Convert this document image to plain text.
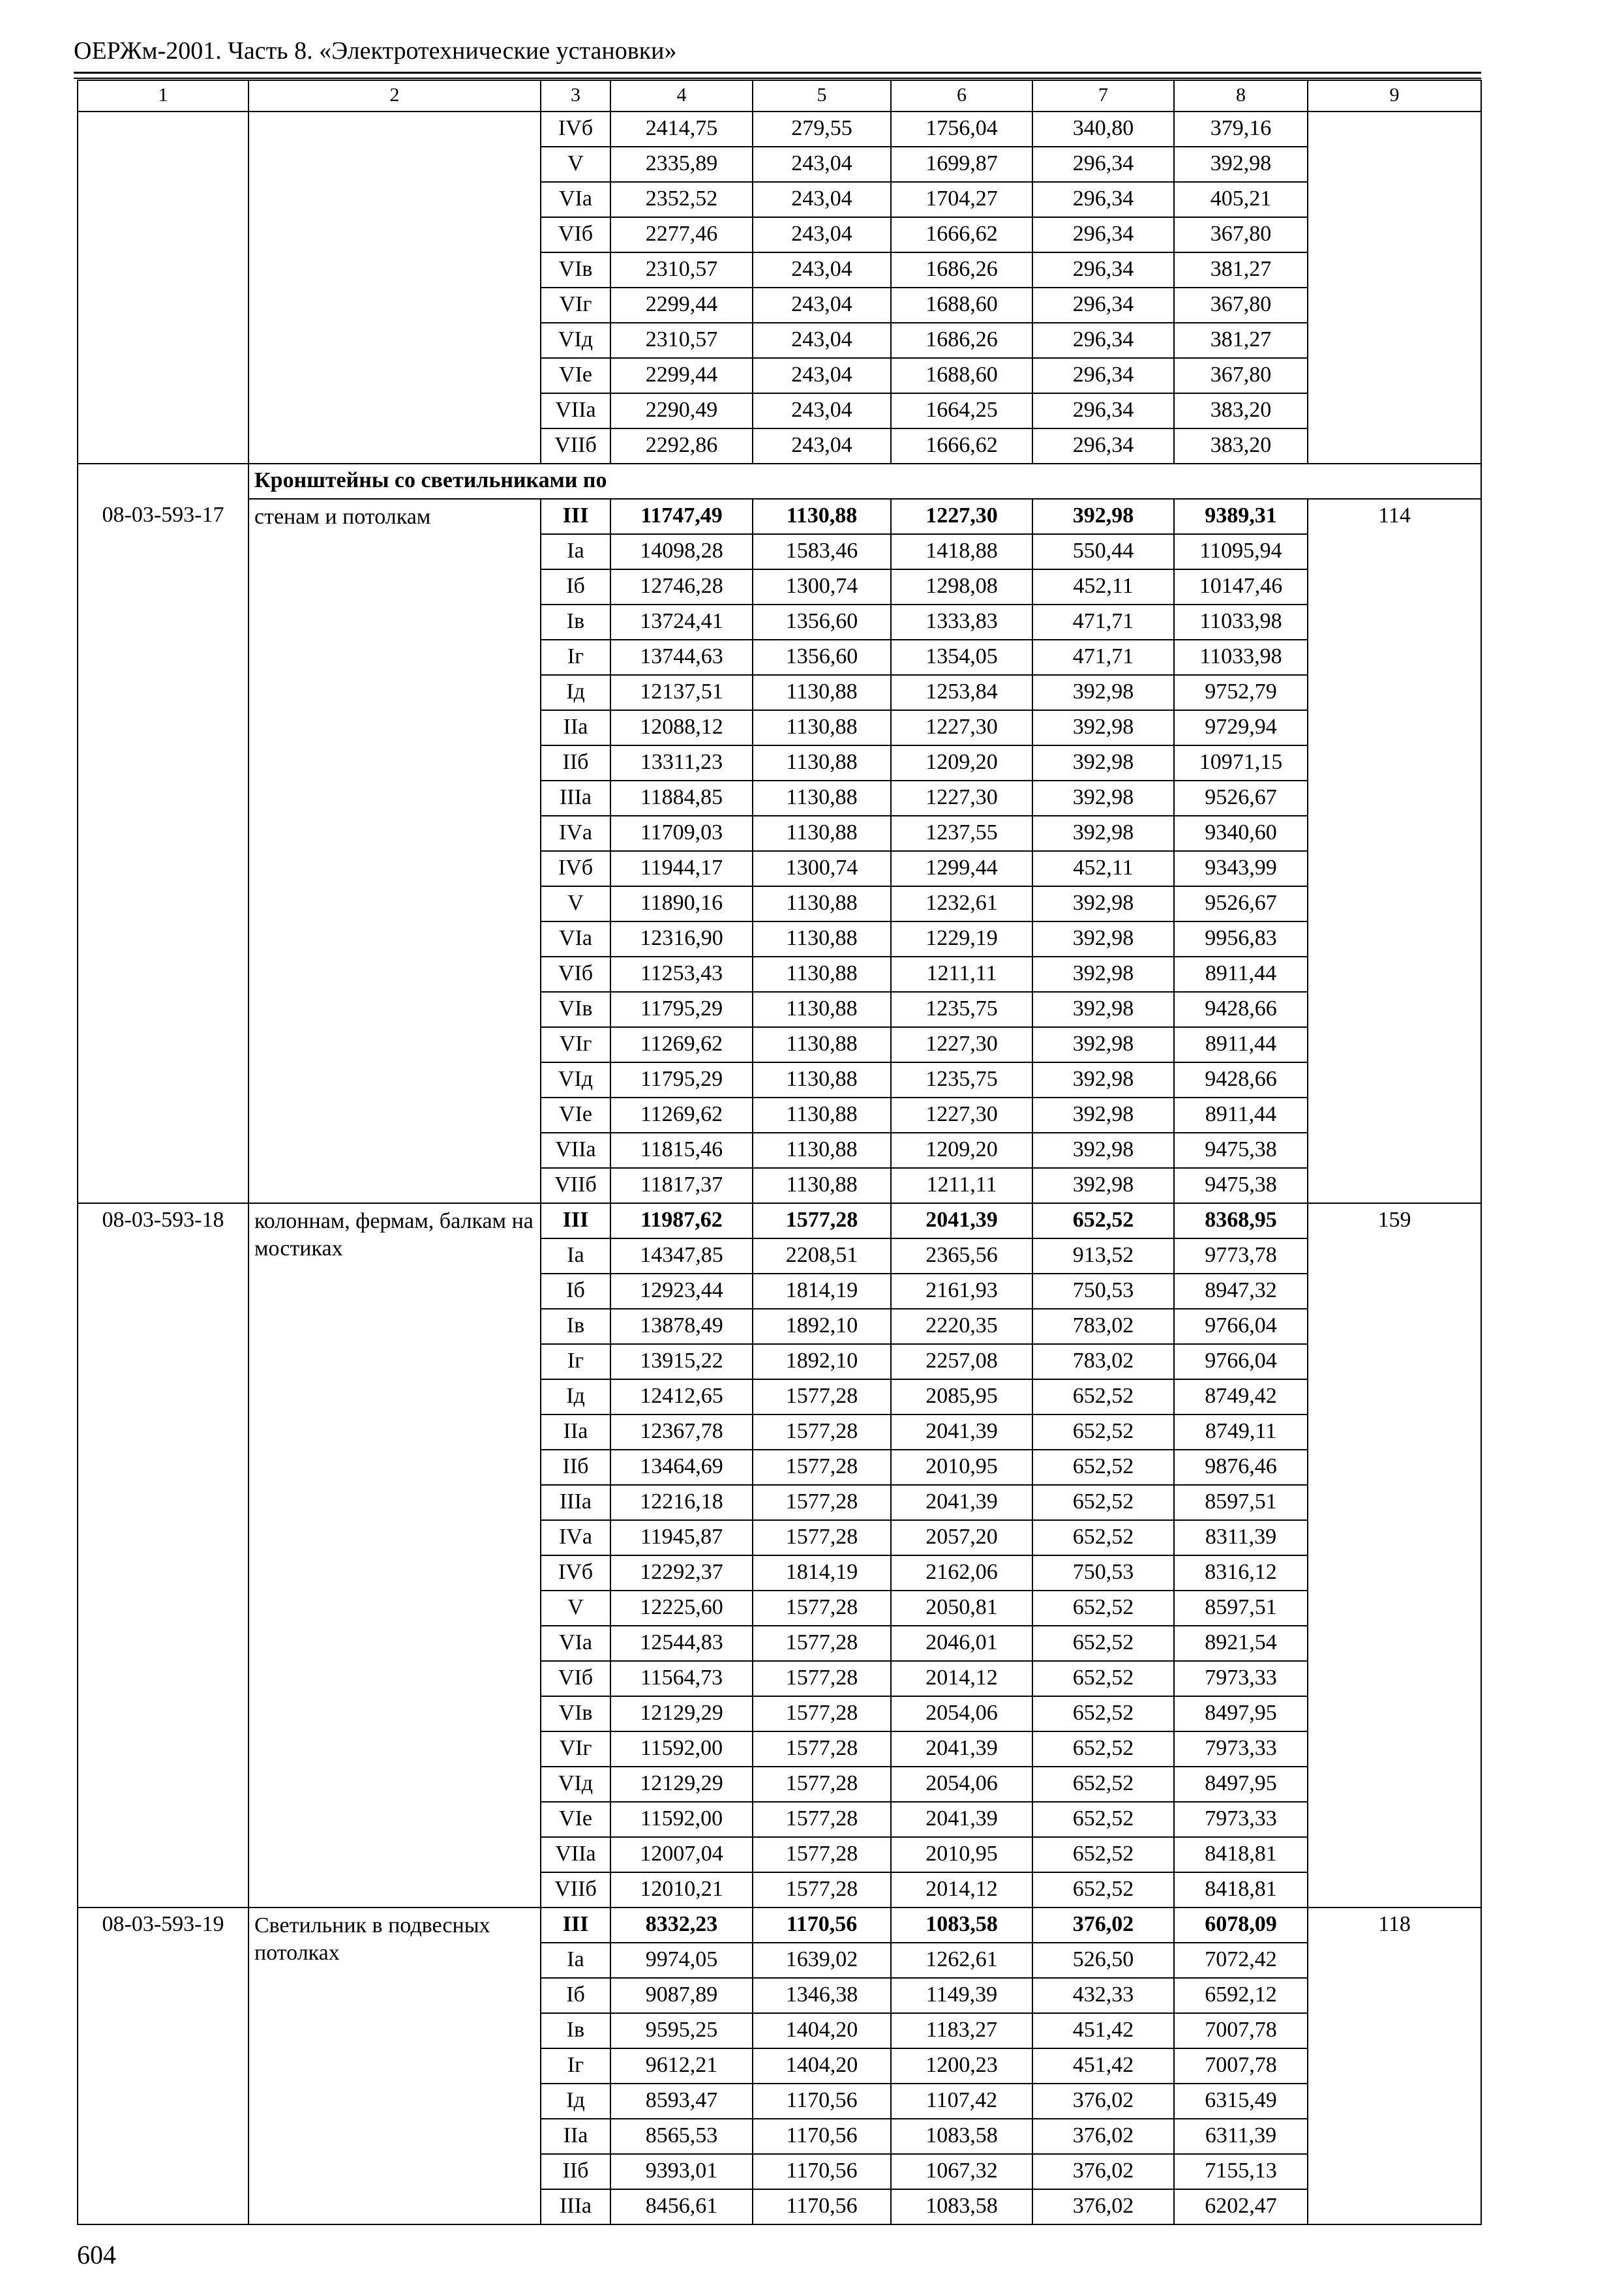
ОЕРЖм-2001. Часть 8. «Электротехнические установки»
1	2	3	4	5	6	7	8	9
		IVб	2414,75	279,55	1756,04	340,80	379,16	
		V	2335,89	243,04	1699,87	296,34	392,98	
		VIа	2352,52	243,04	1704,27	296,34	405,21	
		VIб	2277,46	243,04	1666,62	296,34	367,80	
		VIв	2310,57	243,04	1686,26	296,34	381,27	
		VIг	2299,44	243,04	1688,60	296,34	367,80	
		VIд	2310,57	243,04	1686,26	296,34	381,27	
		VIе	2299,44	243,04	1688,60	296,34	367,80	
		VIIа	2290,49	243,04	1664,25	296,34	383,20	
		VIIб	2292,86	243,04	1666,62	296,34	383,20	
	Кронштейны со светильниками по							
08-03-593-17	стенам и потолкам	III	11747,49	1130,88	1227,30	392,98	9389,31	114
		Iа	14098,28	1583,46	1418,88	550,44	11095,94	
		Iб	12746,28	1300,74	1298,08	452,11	10147,46	
		Iв	13724,41	1356,60	1333,83	471,71	11033,98	
		Iг	13744,63	1356,60	1354,05	471,71	11033,98	
		Iд	12137,51	1130,88	1253,84	392,98	9752,79	
		IIа	12088,12	1130,88	1227,30	392,98	9729,94	
		IIб	13311,23	1130,88	1209,20	392,98	10971,15	
		IIIа	11884,85	1130,88	1227,30	392,98	9526,67	
		IVа	11709,03	1130,88	1237,55	392,98	9340,60	
		IVб	11944,17	1300,74	1299,44	452,11	9343,99	
		V	11890,16	1130,88	1232,61	392,98	9526,67	
		VIа	12316,90	1130,88	1229,19	392,98	9956,83	
		VIб	11253,43	1130,88	1211,11	392,98	8911,44	
		VIв	11795,29	1130,88	1235,75	392,98	9428,66	
		VIг	11269,62	1130,88	1227,30	392,98	8911,44	
		VIд	11795,29	1130,88	1235,75	392,98	9428,66	
		VIе	11269,62	1130,88	1227,30	392,98	8911,44	
		VIIа	11815,46	1130,88	1209,20	392,98	9475,38	
		VIIб	11817,37	1130,88	1211,11	392,98	9475,38	
08-03-593-18	колоннам, фермам, балкам на мостиках	III	11987,62	1577,28	2041,39	652,52	8368,95	159
		Iа	14347,85	2208,51	2365,56	913,52	9773,78	
		Iб	12923,44	1814,19	2161,93	750,53	8947,32	
		Iв	13878,49	1892,10	2220,35	783,02	9766,04	
		Iг	13915,22	1892,10	2257,08	783,02	9766,04	
		Iд	12412,65	1577,28	2085,95	652,52	8749,42	
		IIа	12367,78	1577,28	2041,39	652,52	8749,11	
		IIб	13464,69	1577,28	2010,95	652,52	9876,46	
		IIIа	12216,18	1577,28	2041,39	652,52	8597,51	
		IVа	11945,87	1577,28	2057,20	652,52	8311,39	
		IVб	12292,37	1814,19	2162,06	750,53	8316,12	
		V	12225,60	1577,28	2050,81	652,52	8597,51	
		VIа	12544,83	1577,28	2046,01	652,52	8921,54	
		VIб	11564,73	1577,28	2014,12	652,52	7973,33	
		VIв	12129,29	1577,28	2054,06	652,52	8497,95	
		VIг	11592,00	1577,28	2041,39	652,52	7973,33	
		VIд	12129,29	1577,28	2054,06	652,52	8497,95	
		VIе	11592,00	1577,28	2041,39	652,52	7973,33	
		VIIа	12007,04	1577,28	2010,95	652,52	8418,81	
		VIIб	12010,21	1577,28	2014,12	652,52	8418,81	
08-03-593-19	Светильник в подвесных потолках	III	8332,23	1170,56	1083,58	376,02	6078,09	118
		Iа	9974,05	1639,02	1262,61	526,50	7072,42	
		Iб	9087,89	1346,38	1149,39	432,33	6592,12	
		Iв	9595,25	1404,20	1183,27	451,42	7007,78	
		Iг	9612,21	1404,20	1200,23	451,42	7007,78	
		Iд	8593,47	1170,56	1107,42	376,02	6315,49	
		IIа	8565,53	1170,56	1083,58	376,02	6311,39	
		IIб	9393,01	1170,56	1067,32	376,02	7155,13	
		IIIа	8456,61	1170,56	1083,58	376,02	6202,47	
604
